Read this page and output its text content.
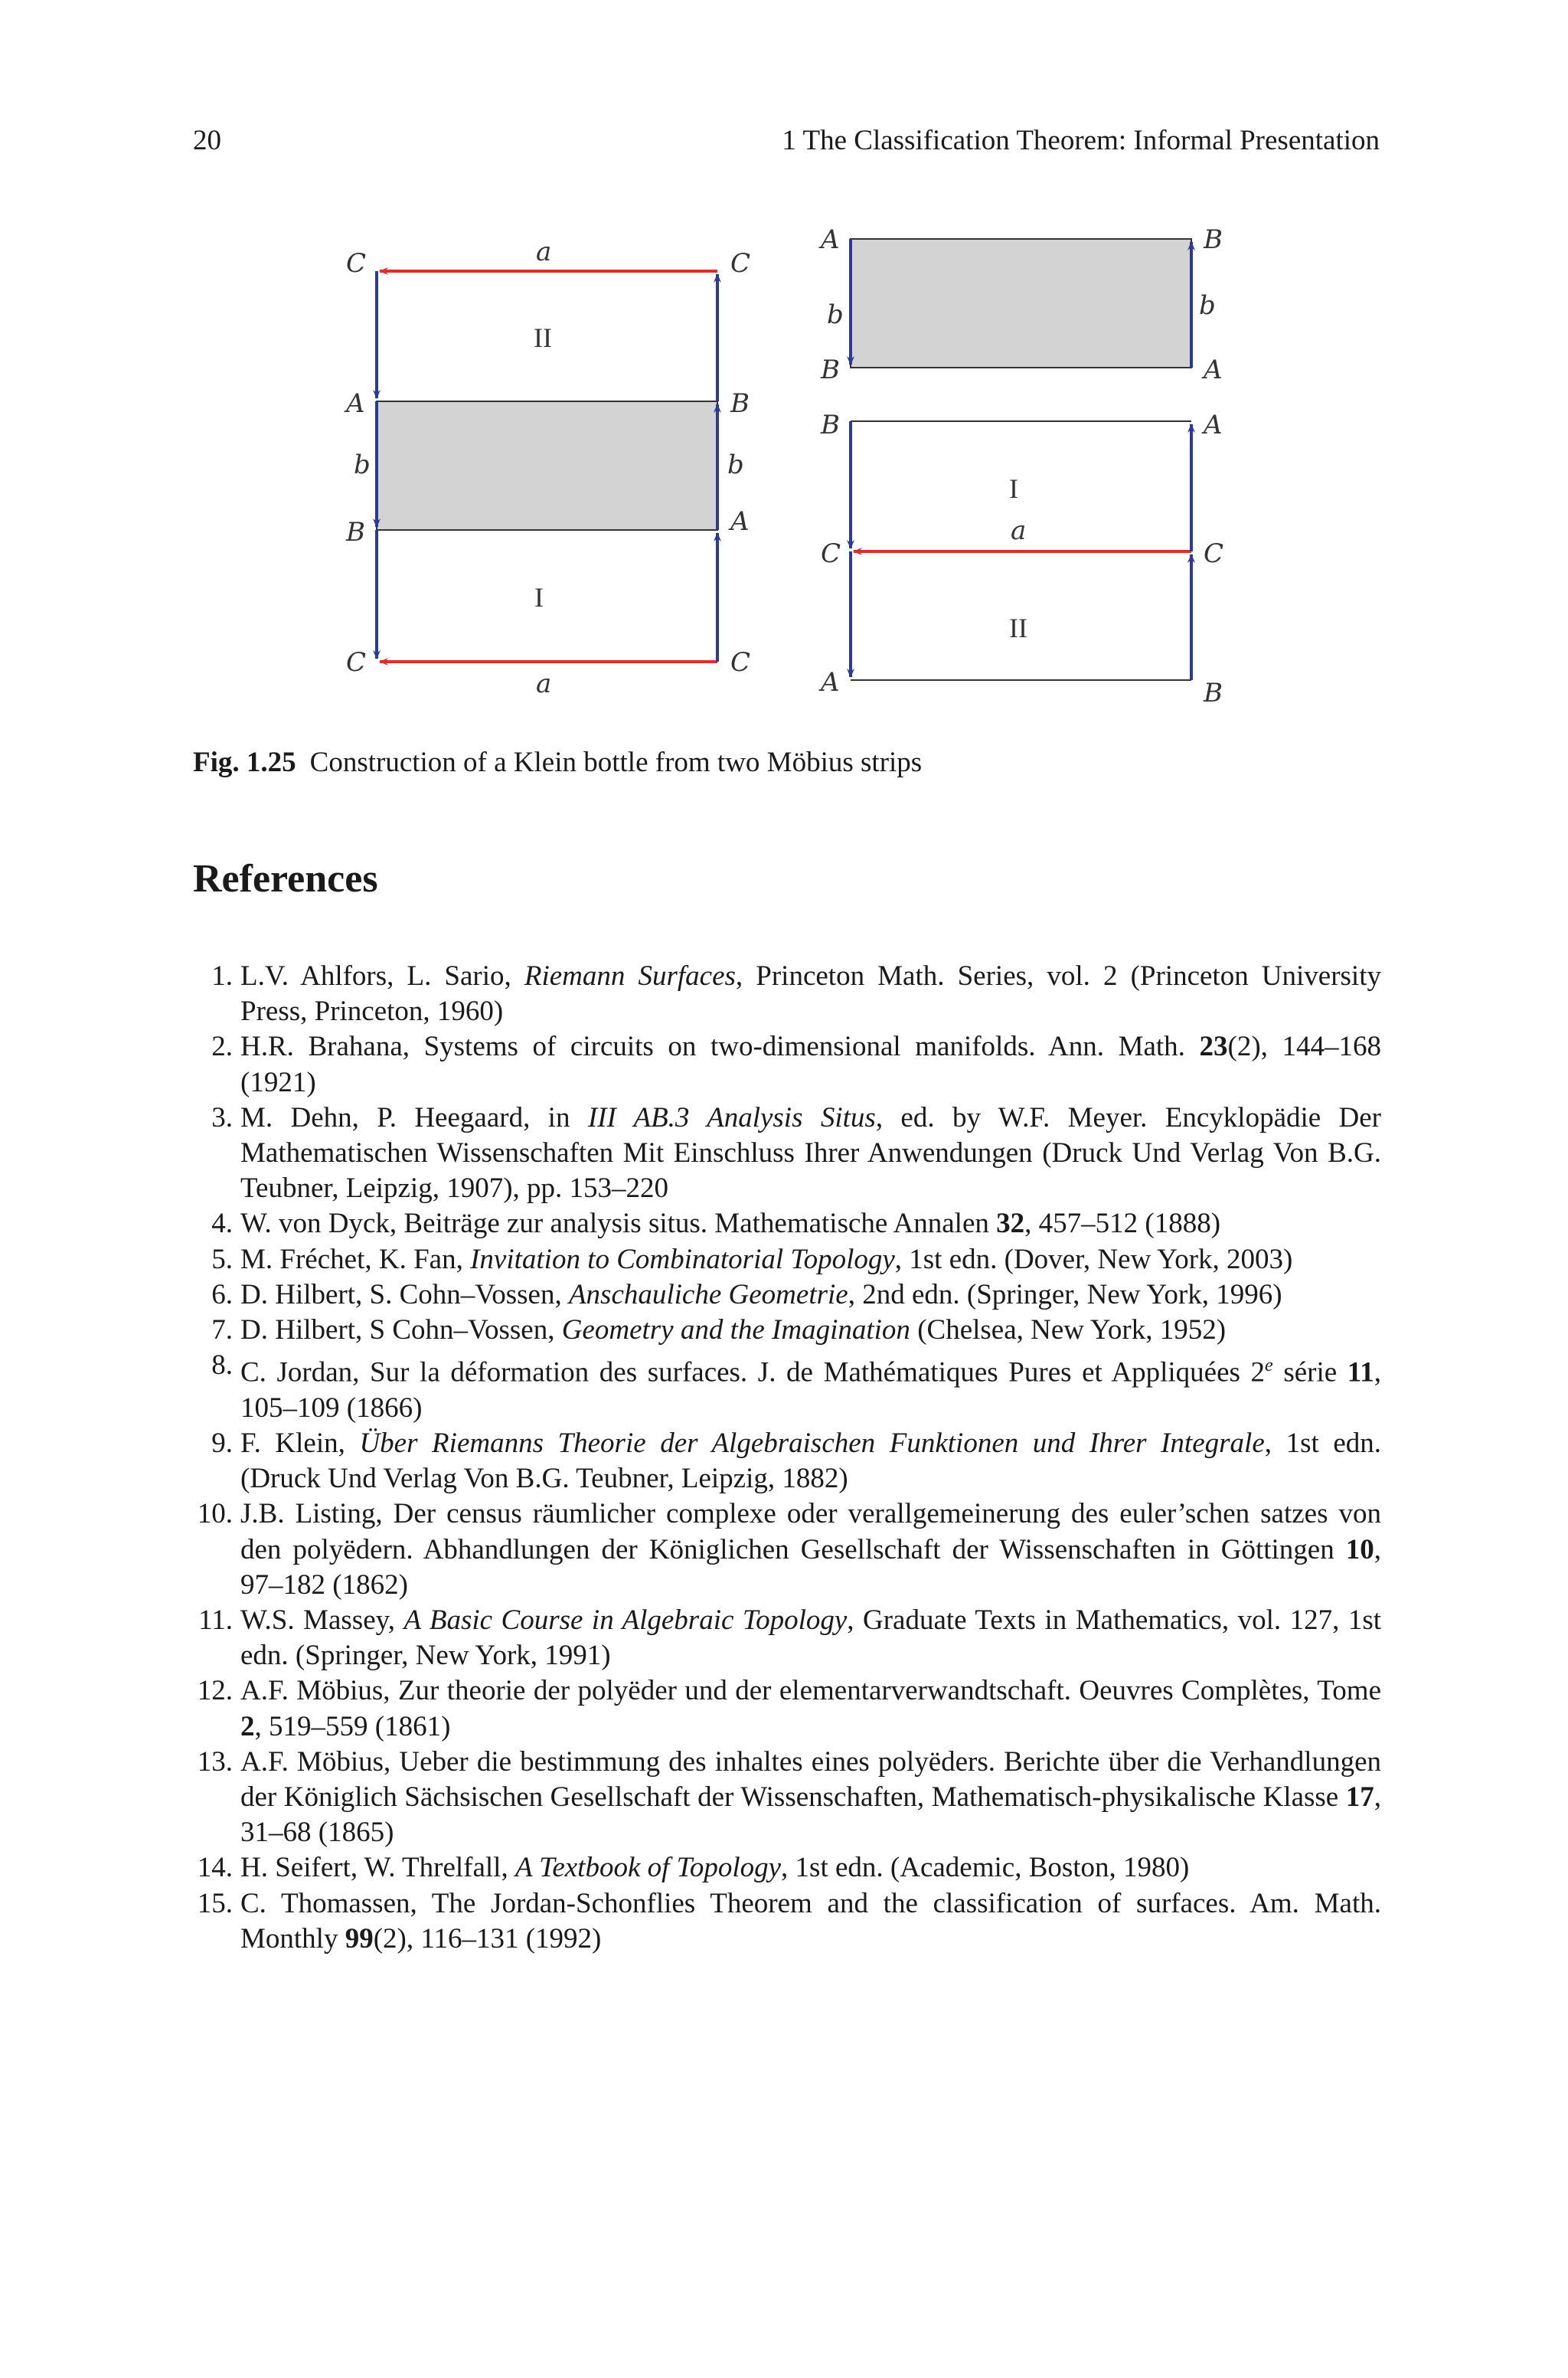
20	1 The Classification Theorem: Informal Presentation
C	a	C
II
A	B
b	b
B	A
I
C	C
a
A	B
b	b
B	A
B	A
I
a
C	C
II
A	B
Fig. 1.25 Construction of a Klein bottle from two Möbius strips
References
1. L.V. Ahlfors, L. Sario, Riemann Surfaces, Princeton Math. Series, vol. 2 (Princeton University Press, Princeton, 1960)
2. H.R. Brahana, Systems of circuits on two-dimensional manifolds. Ann. Math. 23(2), 144–168 (1921)
3. M. Dehn, P. Heegaard, in III AB.3 Analysis Situs, ed. by W.F. Meyer. Encyklopädie Der Mathematischen Wissenschaften Mit Einschluss Ihrer Anwendungen (Druck Und Verlag Von B.G. Teubner, Leipzig, 1907), pp. 153–220
4. W. von Dyck, Beiträge zur analysis situs. Mathematische Annalen 32, 457–512 (1888)
5. M. Fréchet, K. Fan, Invitation to Combinatorial Topology, 1st edn. (Dover, New York, 2003)
6. D. Hilbert, S. Cohn–Vossen, Anschauliche Geometrie, 2nd edn. (Springer, New York, 1996)
7. D. Hilbert, S Cohn–Vossen, Geometry and the Imagination (Chelsea, New York, 1952)
8. C. Jordan, Sur la déformation des surfaces. J. de Mathématiques Pures et Appliquées 2e série 11, 105–109 (1866)
9. F. Klein, Über Riemanns Theorie der Algebraischen Funktionen und Ihrer Integrale, 1st edn. (Druck Und Verlag Von B.G. Teubner, Leipzig, 1882)
10. J.B. Listing, Der census räumlicher complexe oder verallgemeinerung des euler’schen satzes von den polyëdern. Abhandlungen der Königlichen Gesellschaft der Wissenschaften in Göttingen 10, 97–182 (1862)
11. W.S. Massey, A Basic Course in Algebraic Topology, Graduate Texts in Mathematics, vol. 127, 1st edn. (Springer, New York, 1991)
12. A.F. Möbius, Zur theorie der polyëder und der elementarverwandtschaft. Oeuvres Complètes, Tome 2, 519–559 (1861)
13. A.F. Möbius, Ueber die bestimmung des inhaltes eines polyëders. Berichte über die Verhandlungen der Königlich Sächsischen Gesellschaft der Wissenschaften, Mathematisch-physikalische Klasse 17, 31–68 (1865)
14. H. Seifert, W. Threlfall, A Textbook of Topology, 1st edn. (Academic, Boston, 1980)
15. C. Thomassen, The Jordan-Schonflies Theorem and the classification of surfaces. Am. Math. Monthly 99(2), 116–131 (1992)
